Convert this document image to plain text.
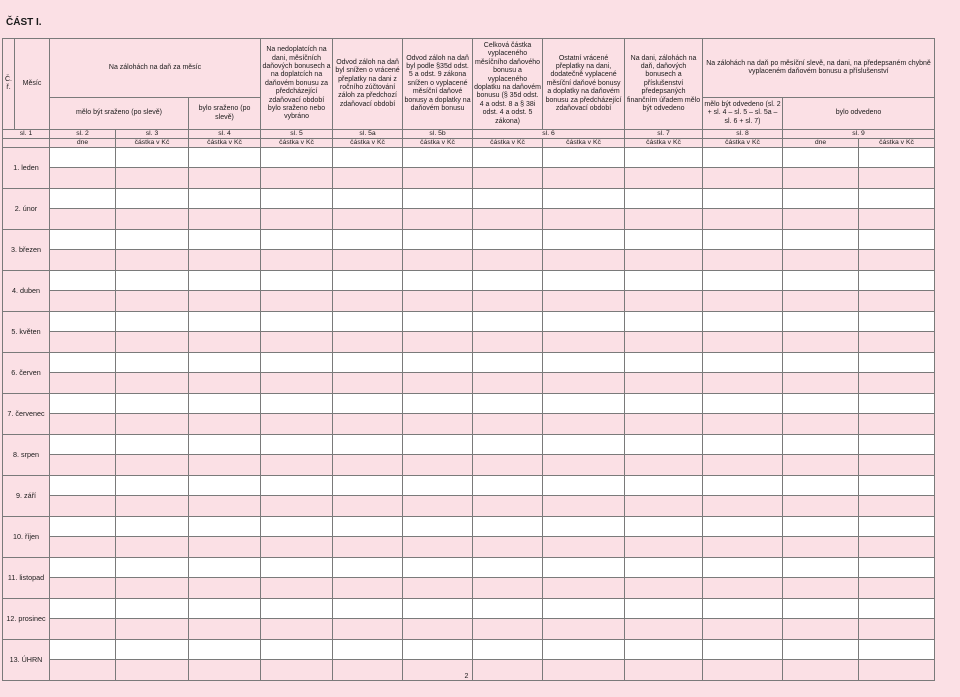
ČÁST I.
Č. ř.	Měsíc	Na zálohách na daň za měsíc			Na nedoplatcích na dani, měsíčních daňových bonusech a na doplatcích na daňovém bonusu za předcházející zdaňovací období bylo sraženo nebo vybráno	Odvod záloh na daň byl snížen o vrácené přeplatky na dani z ročního zúčtování záloh za předchozí zdaňovací období	Odvod záloh na daň byl podle §35d odst. 5 a odst. 9 zákona snížen o vyplacené měsíční daňové bonusy a doplatky na daňovém bonusu	Celková částka vyplaceného měsíčního daňového bonusu a vyplaceného doplatku na daňovém bonusu (§ 35d odst. 4 a odst. 8 a § 38i odst. 4 a odst. 5 zákona)	Ostatní vrácené přeplatky na dani, dodatečně vyplacené měsíční daňové bonusy a doplatky na daňovém bonusu za předcházející zdaňovací období	Na dani, zálohách na daň, daňových bonusech a příslušenství předepsaných finančním úřadem mělo být odvedeno	Na zálohách na daň po měsíční slevě, na dani, na předepsaném chybně vyplaceném daňovém bonusu a příslušenství		
		mělo být sraženo (po slevě)		bylo sraženo (po slevě)							mělo být odvedeno (sl. 2 + sl. 4 – sl. 5 – sl. 5a – sl. 6 + sl. 7)	bylo odvedeno	
sl. 1		sl. 2	sl. 3	sl. 4	sl. 5	sl. 5a	sl. 5b	sl. 6		sl. 7	sl. 8	sl. 9	
		dne	částka v Kč	částka v Kč	částka v Kč	částka v Kč	částka v Kč	částka v Kč	částka v Kč	částka v Kč	částka v Kč	dne	částka v Kč
1. leden													

2. únor													

3. březen													

4. duben													

5. květen													

6. červen													

7. červenec													

8. srpen													

9. září													

10. říjen													

11. listopad													

12. prosinec													

13. ÚHRN													

2
